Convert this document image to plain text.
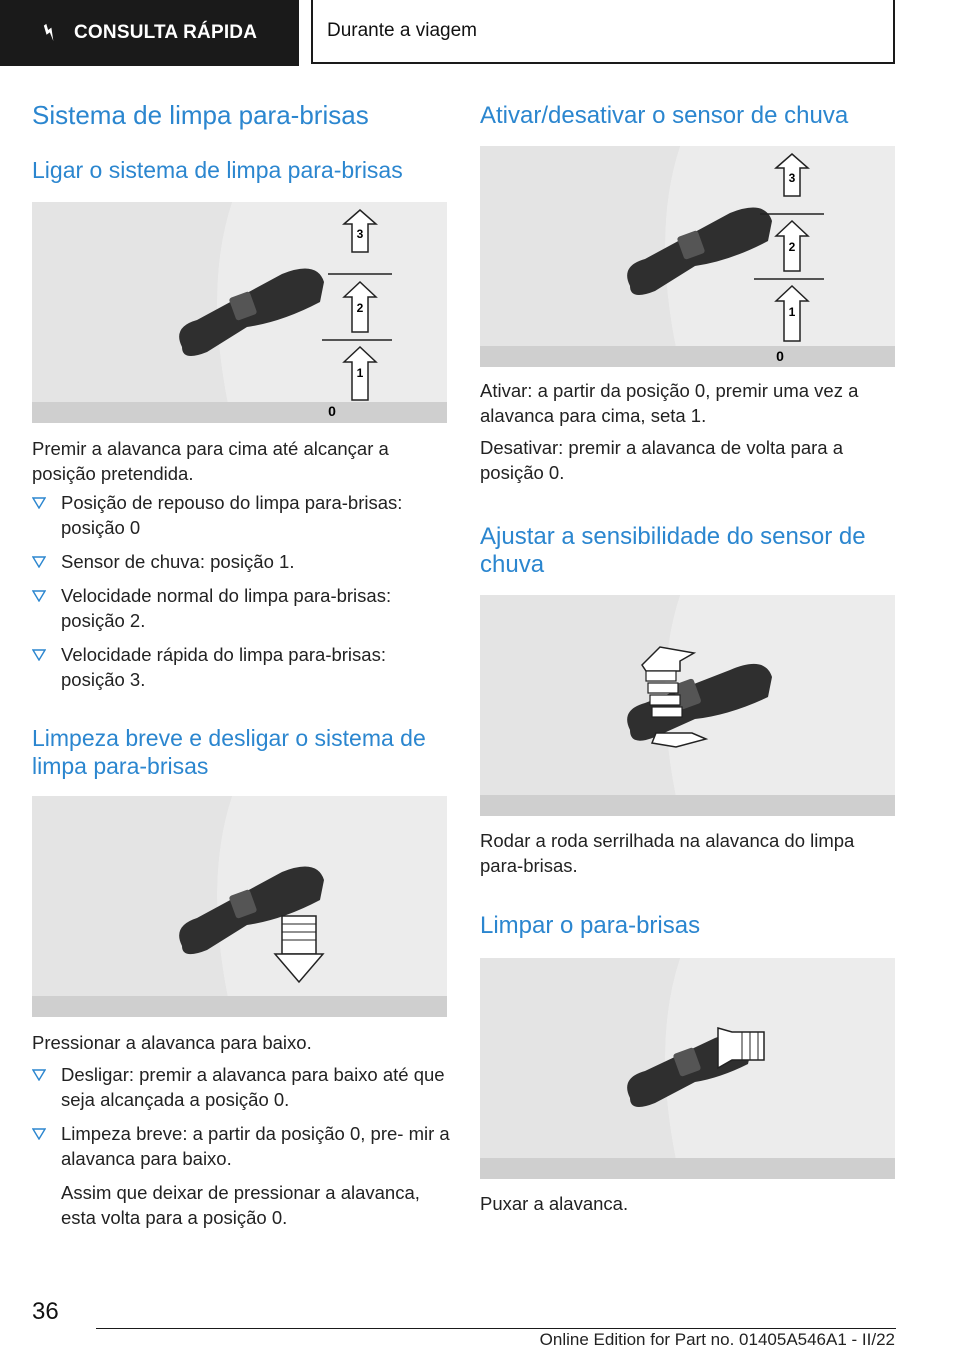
CONSULTA RÁPIDA	Durante a viagem
Sistema de limpa para-brisas
Ligar o sistema de limpa para-brisas
3
2
1
0

Premir a alavanca para cima até alcançar a posição pretendida.

Posição de repouso do limpa para-brisas: posição 0
Sensor de chuva: posição 1.
Velocidade normal do limpa para-brisas: posição 2.
Velocidade rápida do limpa para-brisas: posição 3.
Limpeza breve e desligar o sistema de limpa para-brisas

Pressionar a alavanca para baixo.

Desligar: premir a alavanca para baixo até que seja alcançada a posição 0.
Limpeza breve: a partir da posição 0, pre- mir a alavanca para baixo.
Assim que deixar de pressionar a alavanca, esta volta para a posição 0.
Ativar/desativar o sensor de chuva
3
2
1
0

Ativar: a partir da posição 0, premir uma vez a alavanca para cima, seta 1.

Desativar: premir a alavanca de volta para a posição 0.

Ajustar a sensibilidade do sensor de chuva

Rodar a roda serrilhada na alavanca do limpa para-brisas.

Limpar o para-brisas

Puxar a alavanca.

36
Online Edition for Part no. 01405A546A1 - II/22
